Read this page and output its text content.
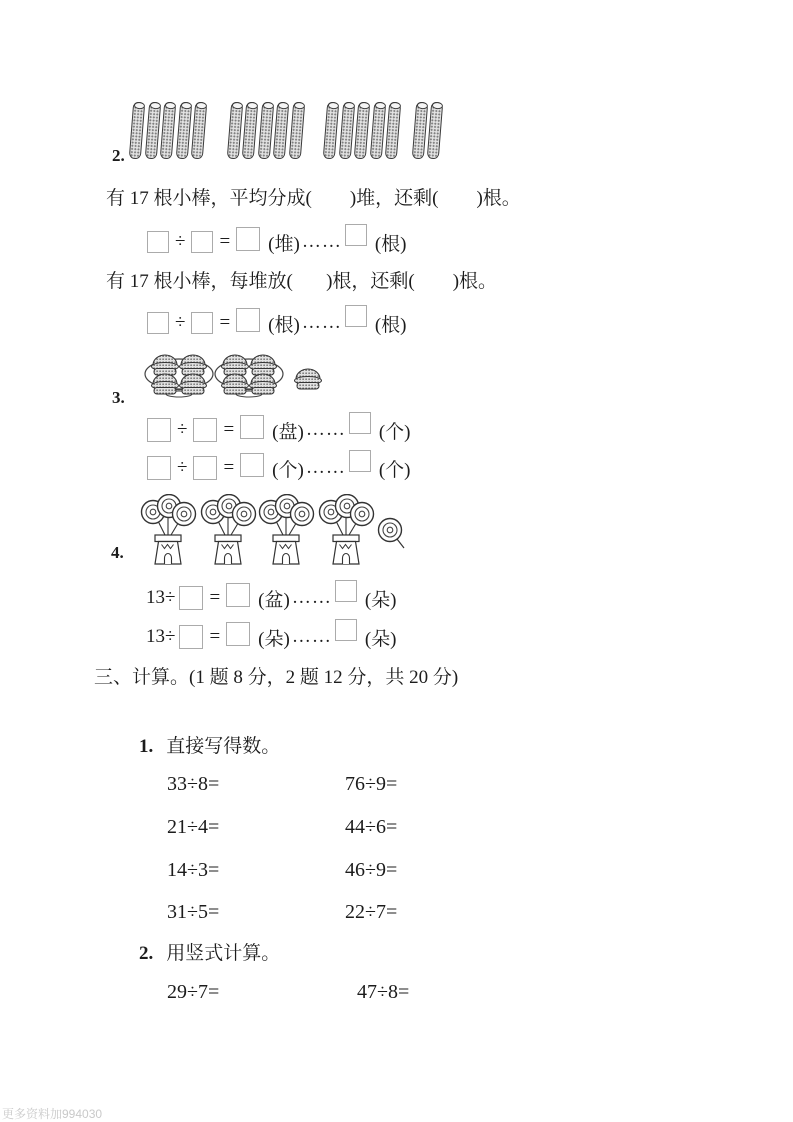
2.
有 17 根小棒，平均分成(        )堆，还剩(        )根。
÷ = (堆) …… (根)
有 17 根小棒，每堆放(       )根，还剩(        )根。
÷ = (根) …… (根)
3.
÷ = (盘) …… (个)
÷ = (个) …… (个)
4.
13÷ = (盆) …… (朵)
13÷ = (朵) …… (朵)
三、计算。(1 题 8 分，2 题 12 分，共 20 分)

1. 直接写得数。

33÷8=	76÷9=

21÷4=	44÷6=

14÷3=	46÷9=

31÷5=	22÷7=

2. 用竖式计算。

29÷7=	47÷8=

更多资料加994030
